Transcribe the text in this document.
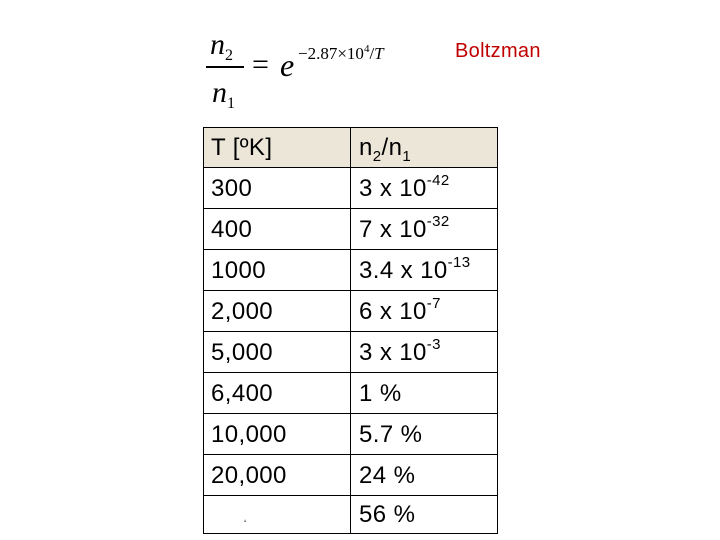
$n_2$
$n_1$
= $e -2.87\times 10^4/T$	Boltzman
T [ºK]	$n_2/n_1$
300	3 x $10^{-42}$
400	7 x $10^{-32}$
1000	3.4 x $10^{-13}$
2,000	6 x $10^{-7}$
5,000	3 x $10^{-3}$
6,400	1 %
10,000	5.7 %
20,000	24 %
ʻ	56 %
